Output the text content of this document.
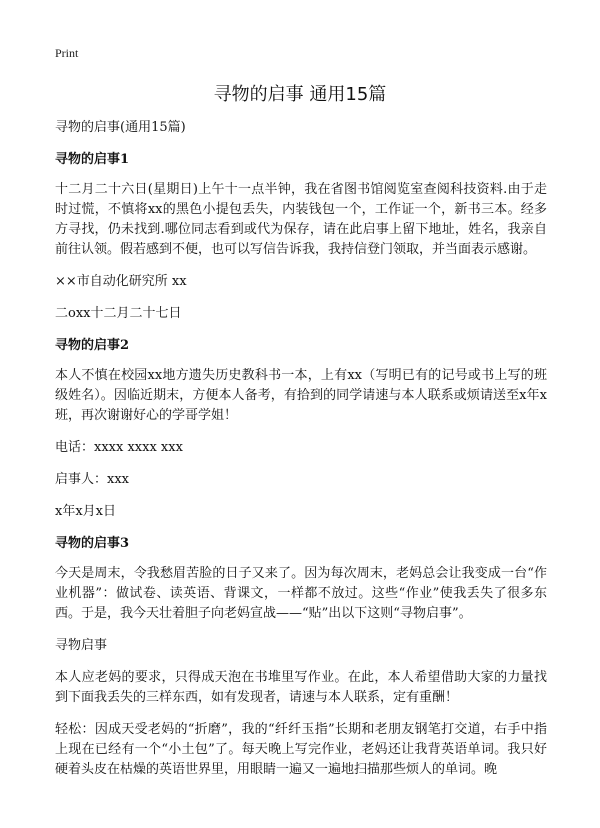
Print
寻物的启事 通用15篇

寻物的启事(通用15篇)

寻物的启事1

十二月二十六日(星期日)上午十一点半钟，我在省图书馆阅览室查阅科技资料.由于走时过慌，不慎将xx的黑色小提包丢失，内装钱包一个，工作证一个，新书三本。经多方寻找，仍未找到.哪位同志看到或代为保存，请在此启事上留下地址，姓名，我亲自前往认领。假若感到不便，也可以写信告诉我，我持信登门领取，并当面表示感谢。

××市自动化研究所 xx

二oxx十二月二十七日

寻物的启事2

本人不慎在校园xx地方遗失历史教科书一本，上有xx（写明已有的记号或书上写的班级姓名）。因临近期末，方便本人备考，有拾到的同学请速与本人联系或烦请送至x年x班，再次谢谢好心的学哥学姐！

电话：xxxx xxxx xxx

启事人：xxx

x年x月x日

寻物的启事3

今天是周末，令我愁眉苦脸的日子又来了。因为每次周末，老妈总会让我变成一台“作业机器”：做试卷、读英语、背课文，一样都不放过。这些“作业”使我丢失了很多东西。于是，我今天壮着胆子向老妈宣战——“贴”出以下这则“寻物启事”。

寻物启事

本人应老妈的要求，只得成天泡在书堆里写作业。在此，本人希望借助大家的力量找到下面我丢失的三样东西，如有发现者，请速与本人联系，定有重酬！

轻松：因成天受老妈的“折磨”，我的“纤纤玉指”长期和老朋友钢笔打交道，右手中指上现在已经有一个“小土包”了。每天晚上写完作业，老妈还让我背英语单词。我只好硬着头皮在枯燥的英语世界里，用眼睛一遍又一遍地扫描那些烦人的单词。晚
